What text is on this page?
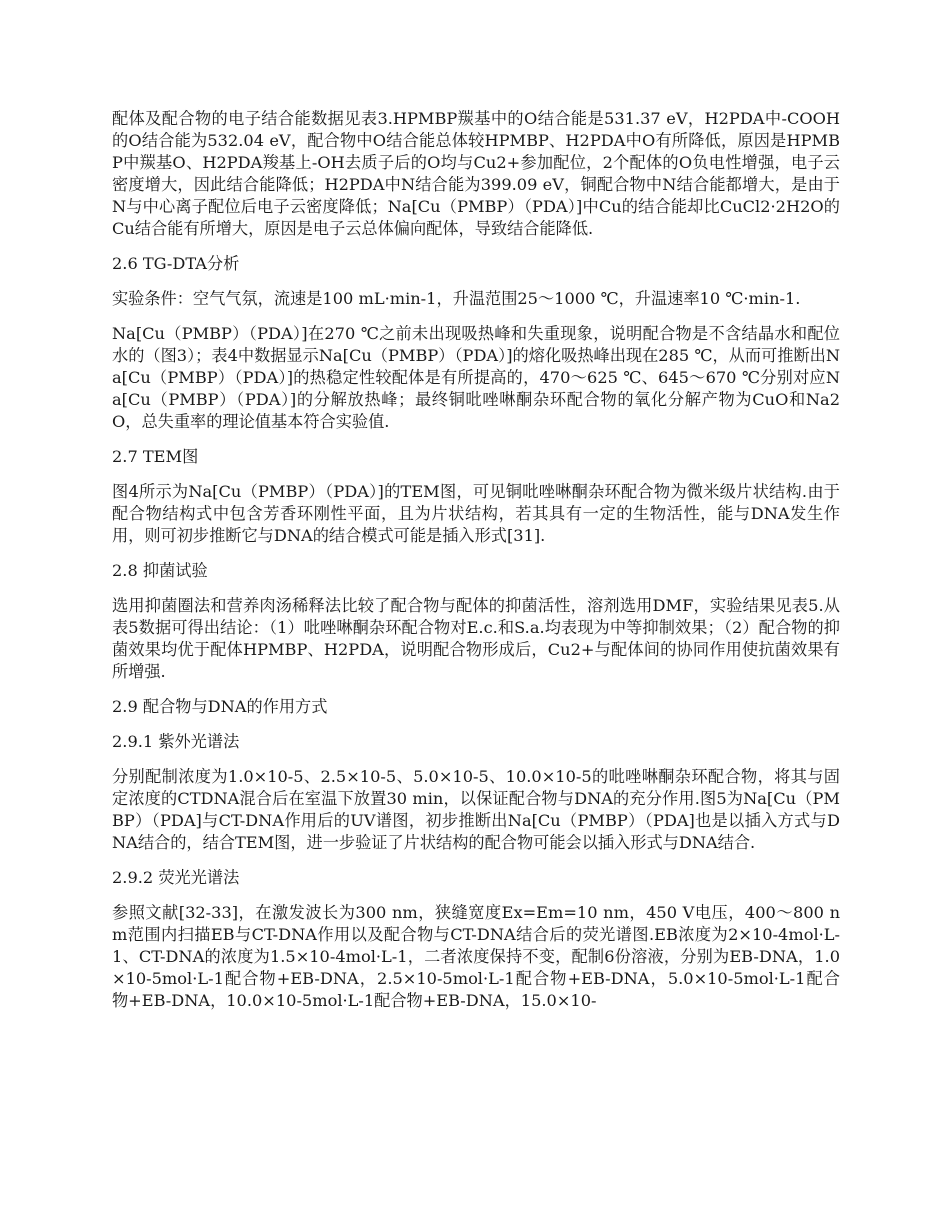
配体及配合物的电子结合能数据见表3.HPMBP羰基中的O结合能是531.37 eV，H2PDA中-COOH的O结合能为532.04 eV，配合物中O结合能总体较HPMBP、H2PDA中O有所降低，原因是HPMBP中羰基O、H2PDA羧基上-OH去质子后的O均与Cu2+参加配位，2个配体的O负电性增强，电子云密度增大，因此结合能降低；H2PDA中N结合能为399.09 eV，铜配合物中N结合能都增大，是由于N与中心离子配位后电子云密度降低；Na[Cu（PMBP）（PDA）]中Cu的结合能却比CuCl2·2H2O的Cu结合能有所增大，原因是电子云总体偏向配体，导致结合能降低.

2.6 TG-DTA分析

实验条件：空气气氛，流速是100 mL·min-1，升温范围25～1000 ℃，升温速率10 ℃·min-1.

Na[Cu（PMBP）（PDA）]在270 ℃之前未出现吸热峰和失重现象，说明配合物是不含结晶水和配位水的（图3）；表4中数据显示Na[Cu（PMBP）（PDA）]的熔化吸热峰出现在285 ℃，从而可推断出Na[Cu（PMBP）（PDA）]的热稳定性较配体是有所提高的，470～625 ℃、645～670 ℃分别对应Na[Cu（PMBP）（PDA）]的分解放热峰；最终铜吡唑啉酮杂环配合物的氧化分解产物为CuO和Na2O，总失重率的理论值基本符合实验值.

2.7 TEM图

图4所示为Na[Cu（PMBP）（PDA）]的TEM图，可见铜吡唑啉酮杂环配合物为微米级片状结构.由于配合物结构式中包含芳香环刚性平面，且为片状结构，若其具有一定的生物活性，能与DNA发生作用，则可初步推断它与DNA的结合模式可能是插入形式[31].

2.8 抑菌试验

选用抑菌圈法和营养肉汤稀释法比较了配合物与配体的抑菌活性，溶剂选用DMF，实验结果见表5.从表5数据可得出结论：（1）吡唑啉酮杂环配合物对E.c.和S.a.均表现为中等抑制效果；（2）配合物的抑菌效果均优于配体HPMBP、H2PDA，说明配合物形成后，Cu2+与配体间的协同作用使抗菌效果有所增强.

2.9 配合物与DNA的作用方式

2.9.1 紫外光谱法

分别配制浓度为1.0×10-5、2.5×10-5、5.0×10-5、10.0×10-5的吡唑啉酮杂环配合物，将其与固定浓度的CTDNA混合后在室温下放置30 min，以保证配合物与DNA的充分作用.图5为Na[Cu（PMBP）（PDA]与CT-DNA作用后的UV谱图，初步推断出Na[Cu（PMBP）（PDA]也是以插入方式与DNA结合的，结合TEM图，进一步验证了片状结构的配合物可能会以插入形式与DNA结合.

2.9.2 荧光光谱法

参照文献[32-33]，在激发波长为300 nm，狭缝宽度Ex=Em=10 nm，450 V电压，400～800 nm范围内扫描EB与CT-DNA作用以及配合物与CT-DNA结合后的荧光谱图.EB浓度为2×10-4mol·L-1、CT-DNA的浓度为1.5×10-4mol·L-1，二者浓度保持不变，配制6份溶液，分别为EB-DNA，1.0×10-5mol·L-1配合物+EB-DNA，2.5×10-5mol·L-1配合物+EB-DNA，5.0×10-5mol·L-1配合物+EB-DNA，10.0×10-5mol·L-1配合物+EB-DNA，15.0×10-
